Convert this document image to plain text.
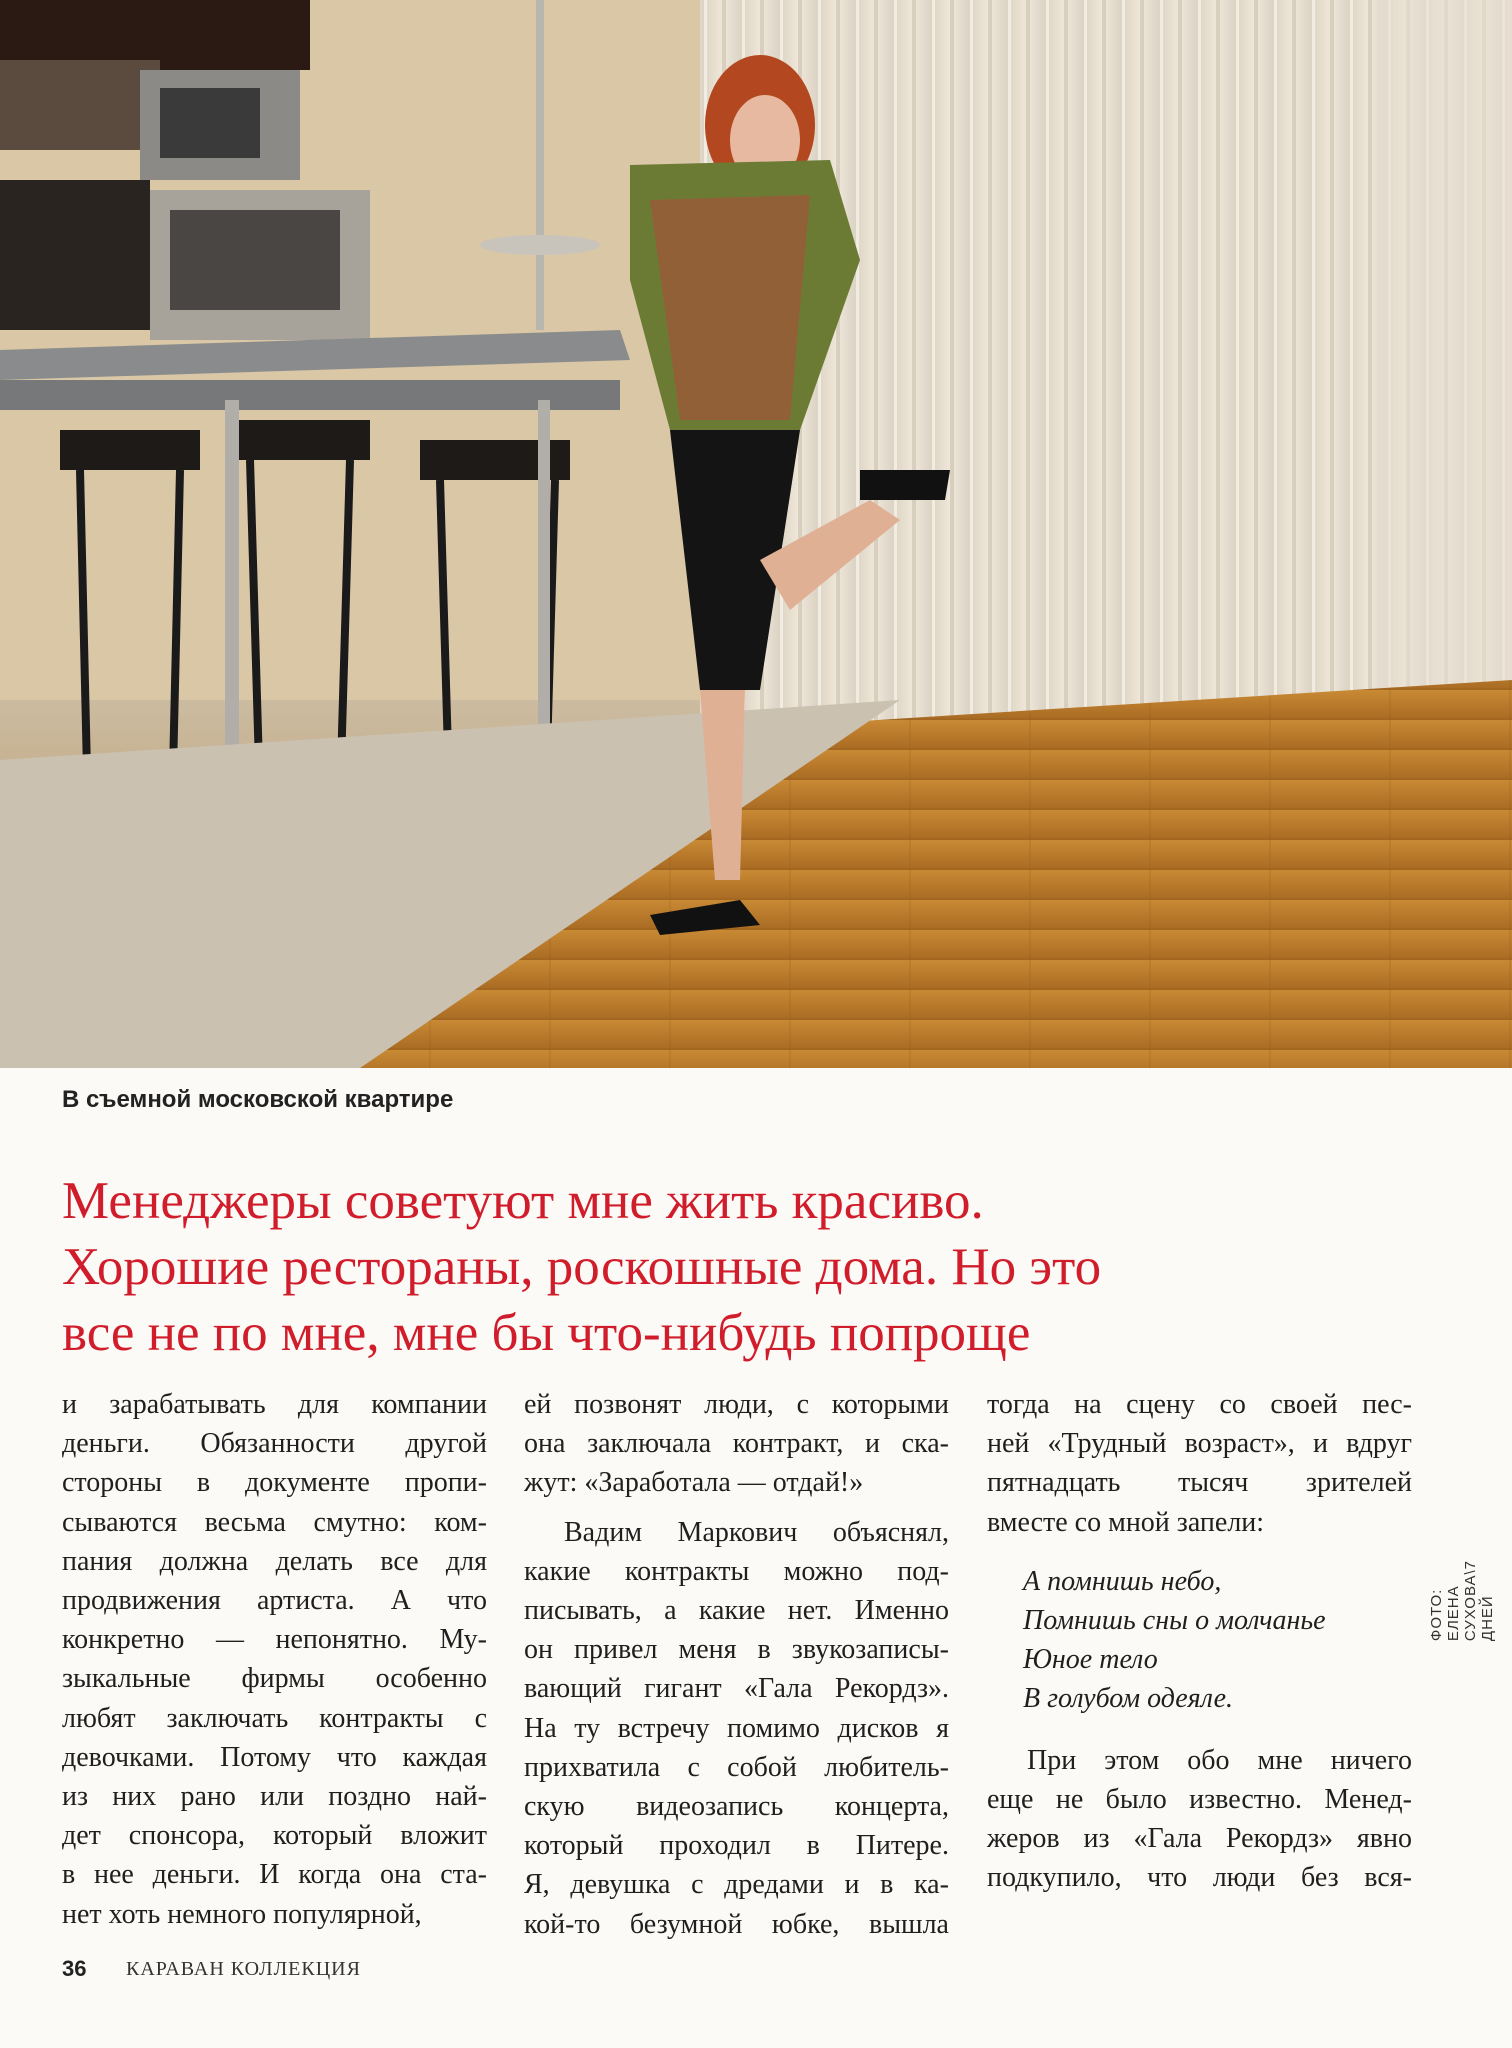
ФОТО: ЕЛЕНА СУХОВА\7 ДНЕЙ
В съемной московской квартире
Менеджеры советуют мне жить красиво.
Хорошие рестораны, роскошные дома. Но это
все не по мне, мне бы что-нибудь попроще
и зарабатывать для компании
деньги. Обязанности другой
стороны в документе пропи-
сываются весьма смутно: ком-
пания должна делать все для
продвижения артиста. А что
конкретно — непонятно. Му-
зыкальные фирмы особенно
любят заключать контракты с
девочками. Потому что каждая
из них рано или поздно най-
дет спонсора, который вложит
в нее деньги. И когда она ста-
нет хоть немного популярной,
ей позвонят люди, с которыми
она заключала контракт, и ска-
жут: «Заработала — отдай!»
Вадим Маркович объяснял,
какие контракты можно под-
писывать, а какие нет. Именно
он привел меня в звукозаписы-
вающий гигант «Гала Рекордз».
На ту встречу помимо дисков я
прихватила с собой любитель-
скую видеозапись концерта,
который проходил в Питере.
Я, девушка с дредами и в ка-
кой-то безумной юбке, вышла
тогда на сцену со своей пес-
ней «Трудный возраст», и вдруг
пятнадцать тысяч зрителей
вместе со мной запели:
А помнишь небо,
Помнишь сны о молчанье
Юное тело
В голубом одеяле.
При этом обо мне ничего
еще не было известно. Менед-
жеров из «Гала Рекордз» явно
подкупило, что люди без вся-
36 КАРАВАН КОЛЛЕКЦИЯ
